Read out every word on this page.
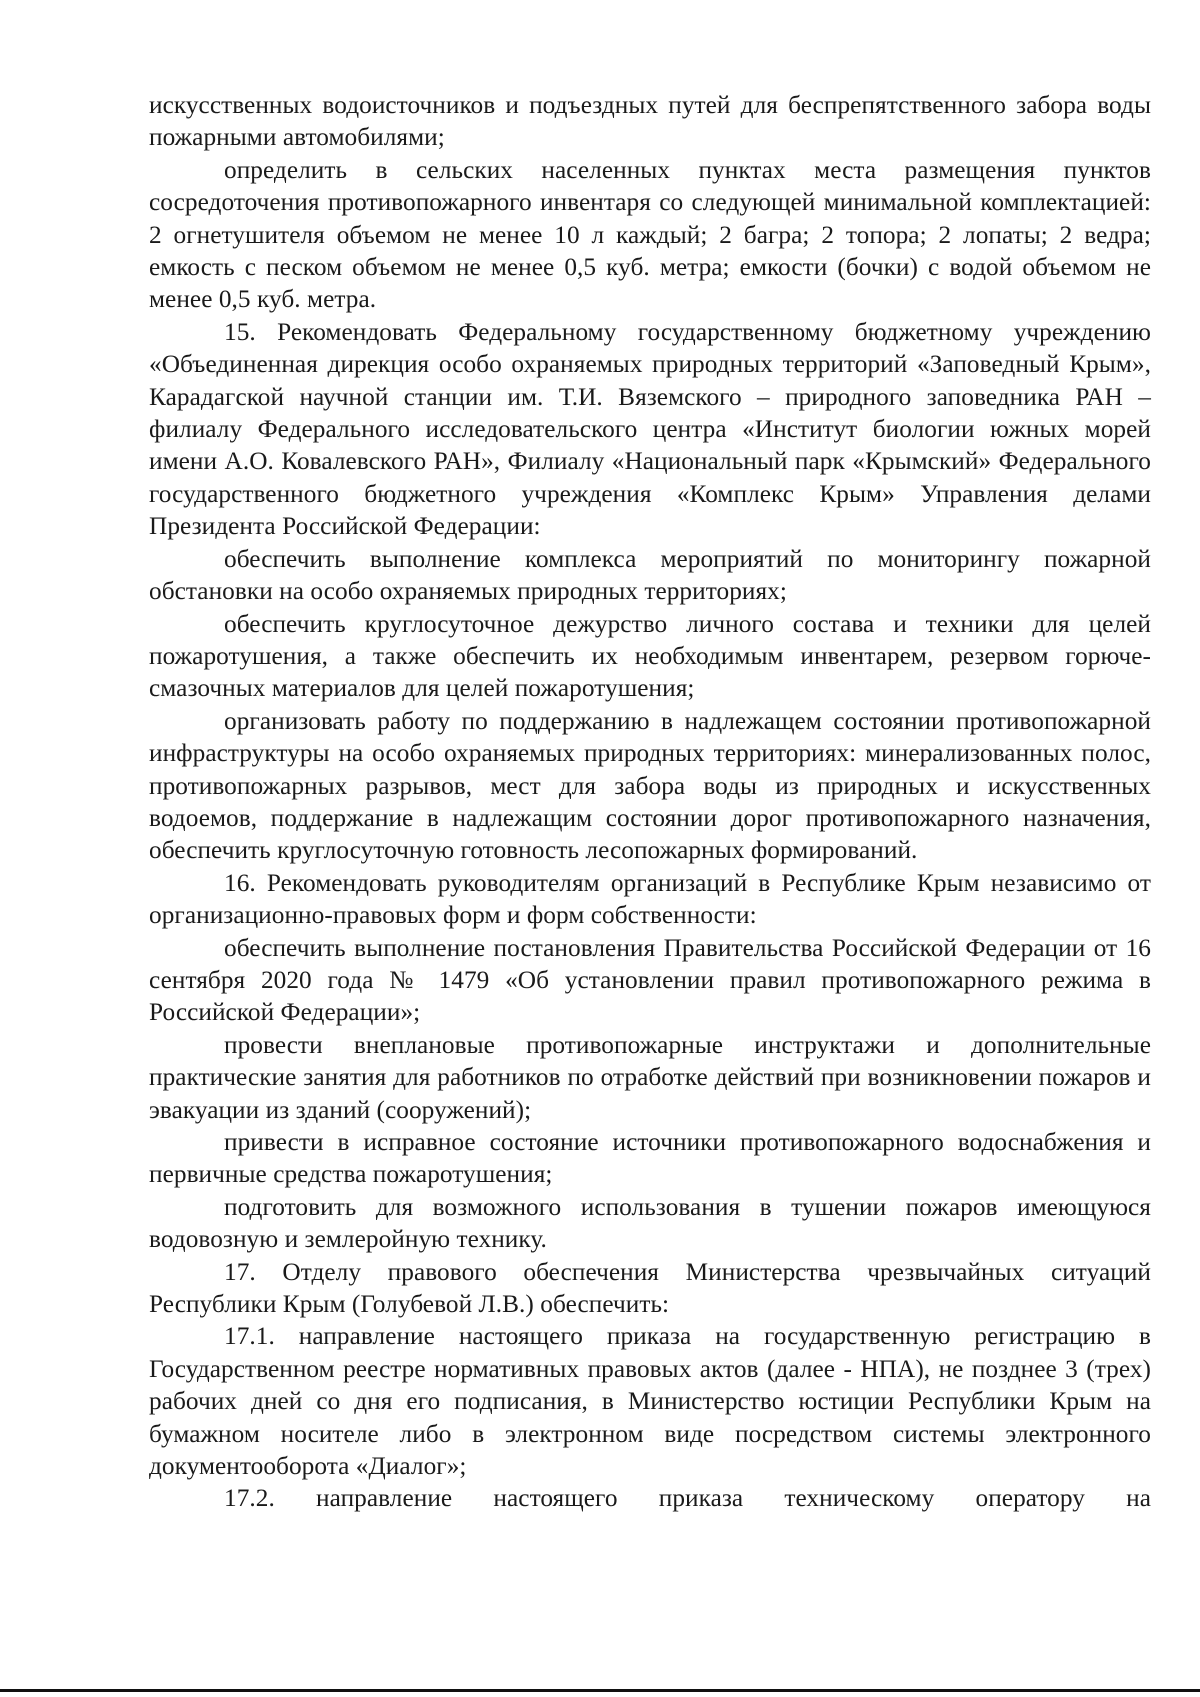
искусственных водоисточников и подъездных путей для беспрепятственного забора воды пожарными автомобилями;

определить в сельских населенных пунктах места размещения пунктов сосредоточения противопожарного инвентаря со следующей минимальной комплектацией: 2 огнетушителя объемом не менее 10 л каждый; 2 багра; 2 топора; 2 лопаты; 2 ведра; емкость с песком объемом не менее 0,5 куб. метра; емкости (бочки) с водой объемом не менее 0,5 куб. метра.

15. Рекомендовать Федеральному государственному бюджетному учреждению «Объединенная дирекция особо охраняемых природных территорий «Заповедный Крым», Карадагской научной станции им. Т.И. Вяземского – природного заповедника РАН – филиалу Федерального исследовательского центра «Институт биологии южных морей имени А.О. Ковалевского РАН», Филиалу «Национальный парк «Крымский» Федерального государственного бюджетного учреждения «Комплекс Крым» Управления делами Президента Российской Федерации:

обеспечить выполнение комплекса мероприятий по мониторингу пожарной обстановки на особо охраняемых природных территориях;

обеспечить круглосуточное дежурство личного состава и техники для целей пожаротушения, а также обеспечить их необходимым инвентарем, резервом горюче-смазочных материалов для целей пожаротушения;

организовать работу по поддержанию в надлежащем состоянии противопожарной инфраструктуры на особо охраняемых природных территориях: минерализованных полос, противопожарных разрывов, мест для забора воды из природных и искусственных водоемов, поддержание в надлежащим состоянии дорог противопожарного назначения, обеспечить круглосуточную готовность лесопожарных формирований.

16. Рекомендовать руководителям организаций в Республике Крым независимо от организационно-правовых форм и форм собственности:

обеспечить выполнение постановления Правительства Российской Федерации от 16 сентября 2020 года № 1479 «Об установлении правил противопожарного режима в Российской Федерации»;

провести внеплановые противопожарные инструктажи и дополнительные практические занятия для работников по отработке действий при возникновении пожаров и эвакуации из зданий (сооружений);

привести в исправное состояние источники противопожарного водоснабжения и первичные средства пожаротушения;

подготовить для возможного использования в тушении пожаров имеющуюся водовозную и землеройную технику.

17. Отделу правового обеспечения Министерства чрезвычайных ситуаций Республики Крым (Голубевой Л.В.) обеспечить:

17.1. направление настоящего приказа на государственную регистрацию в Государственном реестре нормативных правовых актов (далее - НПА), не позднее 3 (трех) рабочих дней со дня его подписания, в Министерство юстиции Республики Крым на бумажном носителе либо в электронном виде посредством системы электронного документооборота «Диалог»;

17.2. направление настоящего приказа техническому оператору на
